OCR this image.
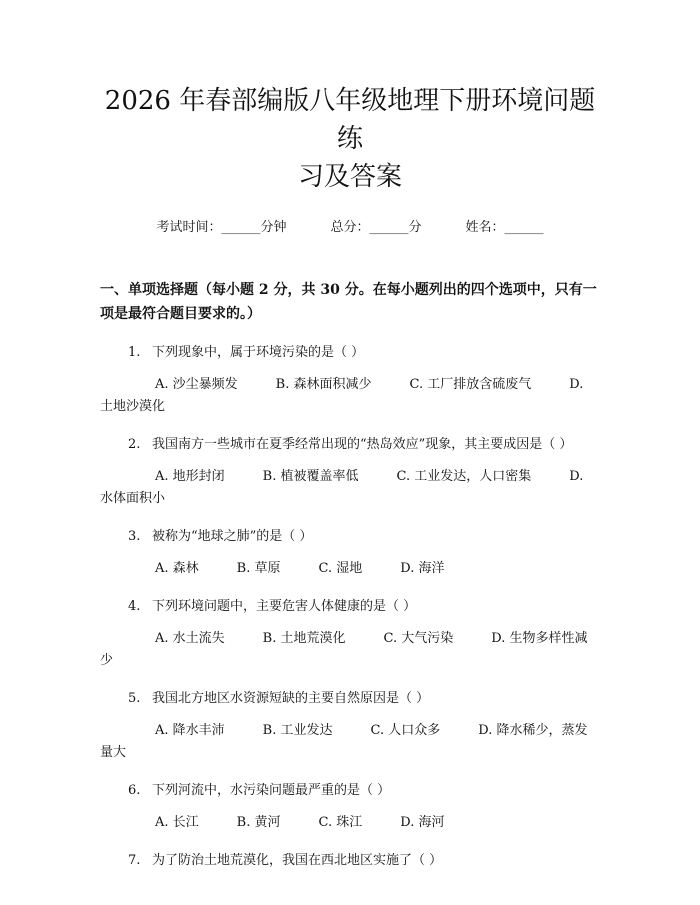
2026 年春部编版八年级地理下册环境问题练
习及答案
考试时间：______分钟	总分：______分	姓名：______
一、单项选择题（每小题 2 分，共 30 分。在每小题列出的四个选项中，只有一项是最符合题目要求的。）
1. 下列现象中，属于环境污染的是（ ）
A. 沙尘暴频发	B. 森林面积减少	C. 工厂排放含硫废气	D. 土地沙漠化
2. 我国南方一些城市在夏季经常出现的“热岛效应”现象，其主要成因是（ ）
A. 地形封闭	B. 植被覆盖率低	C. 工业发达，人口密集	D. 水体面积小
3. 被称为“地球之肺”的是（ ）
A. 森林	B. 草原	C. 湿地	D. 海洋
4. 下列环境问题中，主要危害人体健康的是（ ）
A. 水土流失	B. 土地荒漠化	C. 大气污染	D. 生物多样性减少
5. 我国北方地区水资源短缺的主要自然原因是（ ）
A. 降水丰沛	B. 工业发达	C. 人口众多	D. 降水稀少，蒸发量大
6. 下列河流中，水污染问题最严重的是（ ）
A. 长江	B. 黄河	C. 珠江	D. 海河
7. 为了防治土地荒漠化，我国在西北地区实施了（ ）
